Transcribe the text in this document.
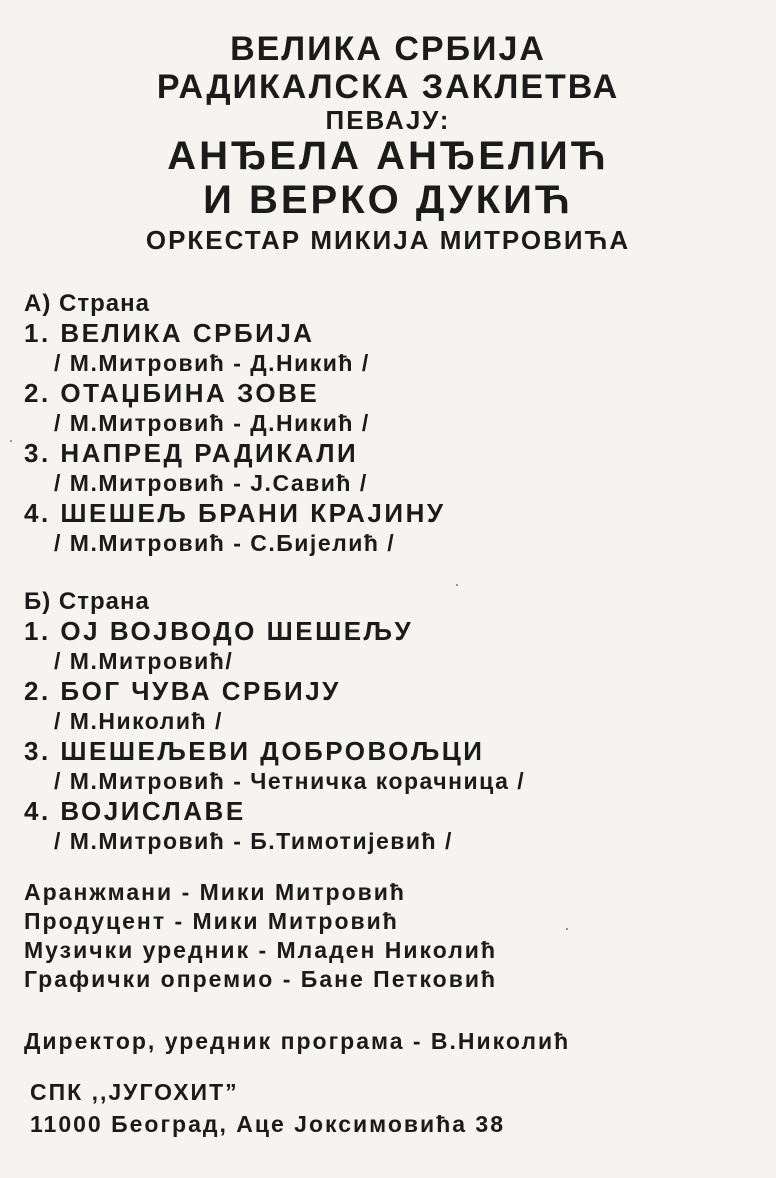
ВЕЛИКА СРБИЈА
РАДИКАЛСКА ЗАКЛЕТВА
ПЕВАЈУ:
АНЂЕЛА АНЂЕЛИЋ
И ВЕРКО ДУКИЋ
ОРКЕСТАР МИКИЈА МИТРОВИЋА
А) Страна
1. ВЕЛИКА СРБИЈА
/ М.Митровић - Д.Никић /
2. ОТАЏБИНА ЗОВЕ
/ М.Митровић - Д.Никић /
3. НАПРЕД РАДИКАЛИ
/ М.Митровић - Ј.Савић /
4. ШЕШЕЉ БРАНИ КРАЈИНУ
/ М.Митровић - С.Бијелић /
Б) Страна
1. ОЈ ВОЈВОДО ШЕШЕЉУ
/ М.Митровић/
2. БОГ ЧУВА СРБИЈУ
/ М.Николић /
3. ШЕШЕЉЕВИ ДОБРОВОЉЦИ
/ М.Митровић - Четничка корачница /
4. ВОЈИСЛАВЕ
/ М.Митровић - Б.Тимотијевић /
Аранжмани - Мики Митровић
Продуцент - Мики Митровић
Музички уредник - Младен Николић
Графички опремио - Бане Петковић
Директор, уредник програма - В.Николић
СПК ,,ЈУГОХИТ”
11000 Београд, Аце Јоксимовића 38
